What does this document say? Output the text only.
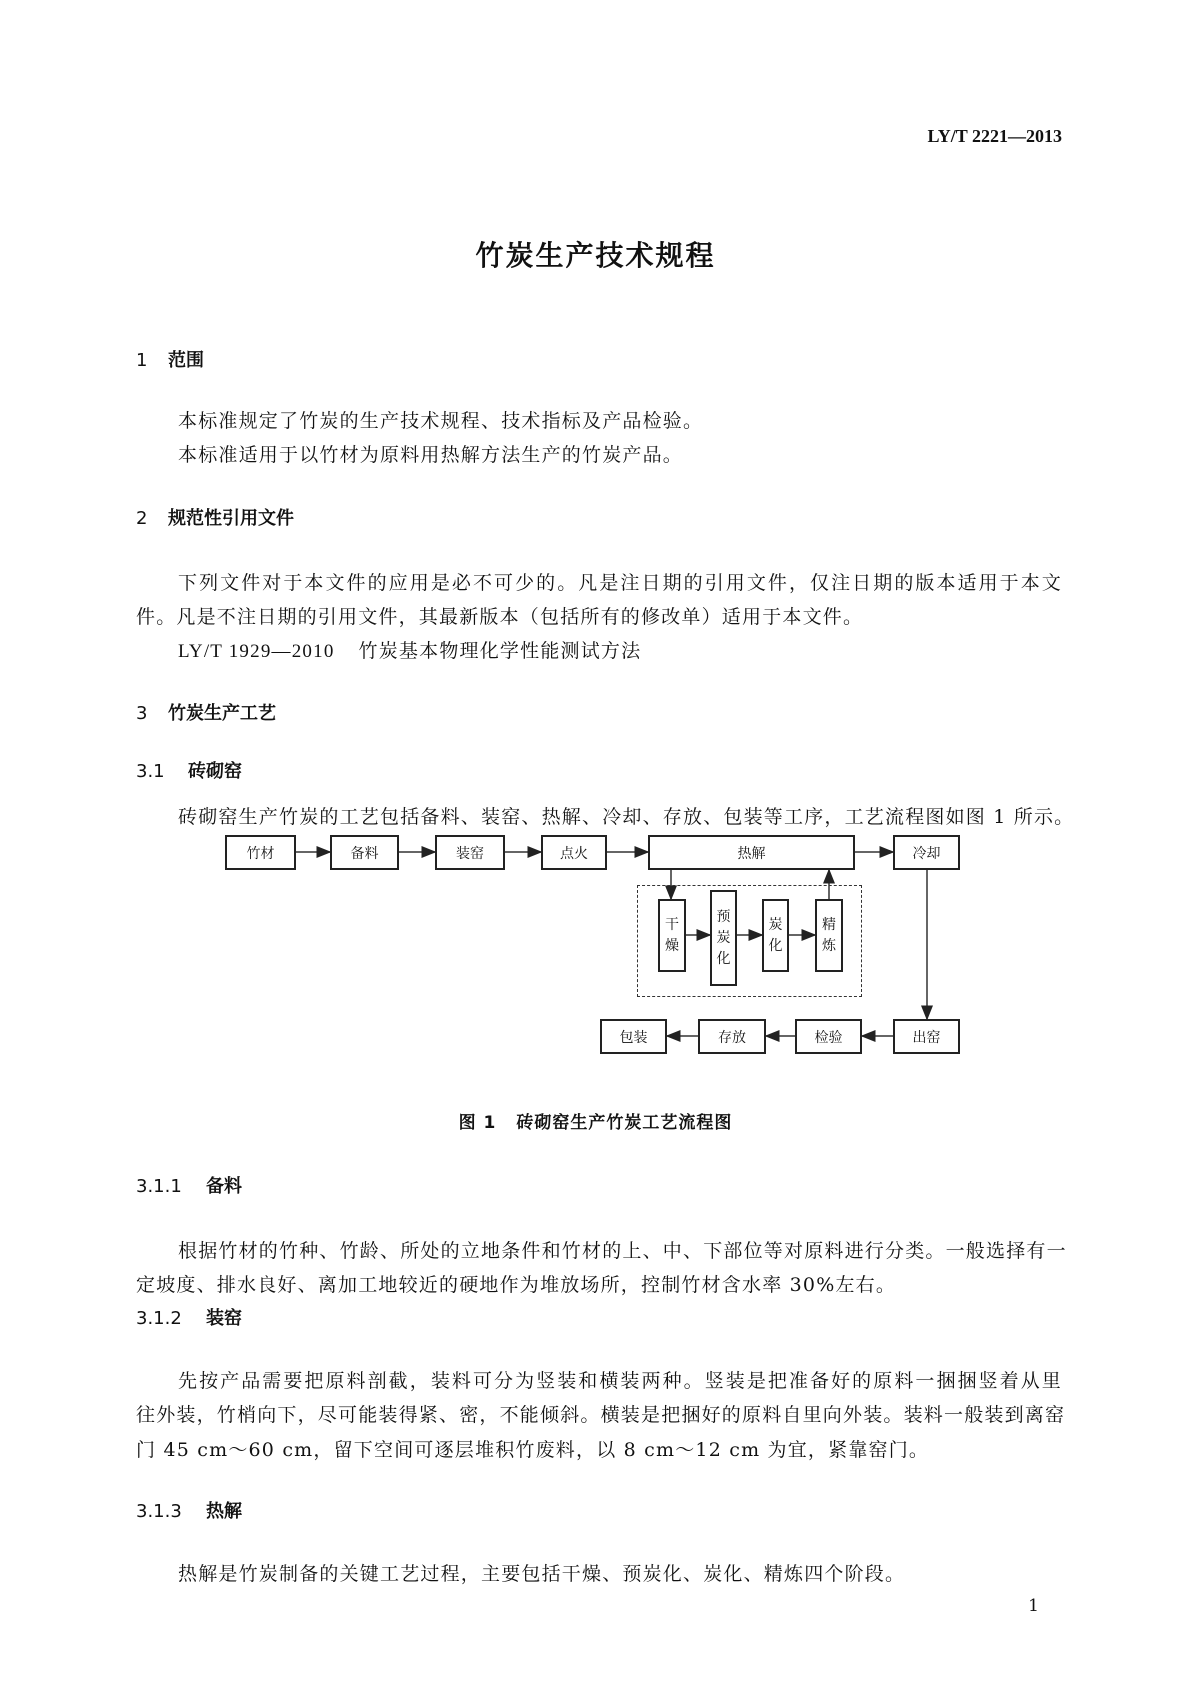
LY/T 2221—2013
竹炭生产技术规程
1 范围
本标准规定了竹炭的生产技术规程、技术指标及产品检验。
本标准适用于以竹材为原料用热解方法生产的竹炭产品。
2 规范性引用文件
下列文件对于本文件的应用是必不可少的。凡是注日期的引用文件，仅注日期的版本适用于本文
件。凡是不注日期的引用文件，其最新版本（包括所有的修改单）适用于本文件。
LY/T 1929—2010 竹炭基本物理化学性能测试方法
3 竹炭生产工艺
3.1 砖砌窑
砖砌窑生产竹炭的工艺包括备料、装窑、热解、冷却、存放、包装等工序，工艺流程图如图 1 所示。
竹材	备料	装窑	点火	热解	冷却
干
燥
预
炭
化
炭
化
精
炼
包装	存放	检验	出窑
图 1 砖砌窑生产竹炭工艺流程图
3.1.1 备料
根据竹材的竹种、竹龄、所处的立地条件和竹材的上、中、下部位等对原料进行分类。一般选择有一
定坡度、排水良好、离加工地较近的硬地作为堆放场所，控制竹材含水率 30%左右。
3.1.2 装窑
先按产品需要把原料剖截，装料可分为竖装和横装两种。竖装是把准备好的原料一捆捆竖着从里
往外装，竹梢向下，尽可能装得紧、密，不能倾斜。横装是把捆好的原料自里向外装。装料一般装到离窑
门 45 cm～60 cm，留下空间可逐层堆积竹废料，以 8 cm～12 cm 为宜，紧靠窑门。
3.1.3 热解
热解是竹炭制备的关键工艺过程，主要包括干燥、预炭化、炭化、精炼四个阶段。
1
